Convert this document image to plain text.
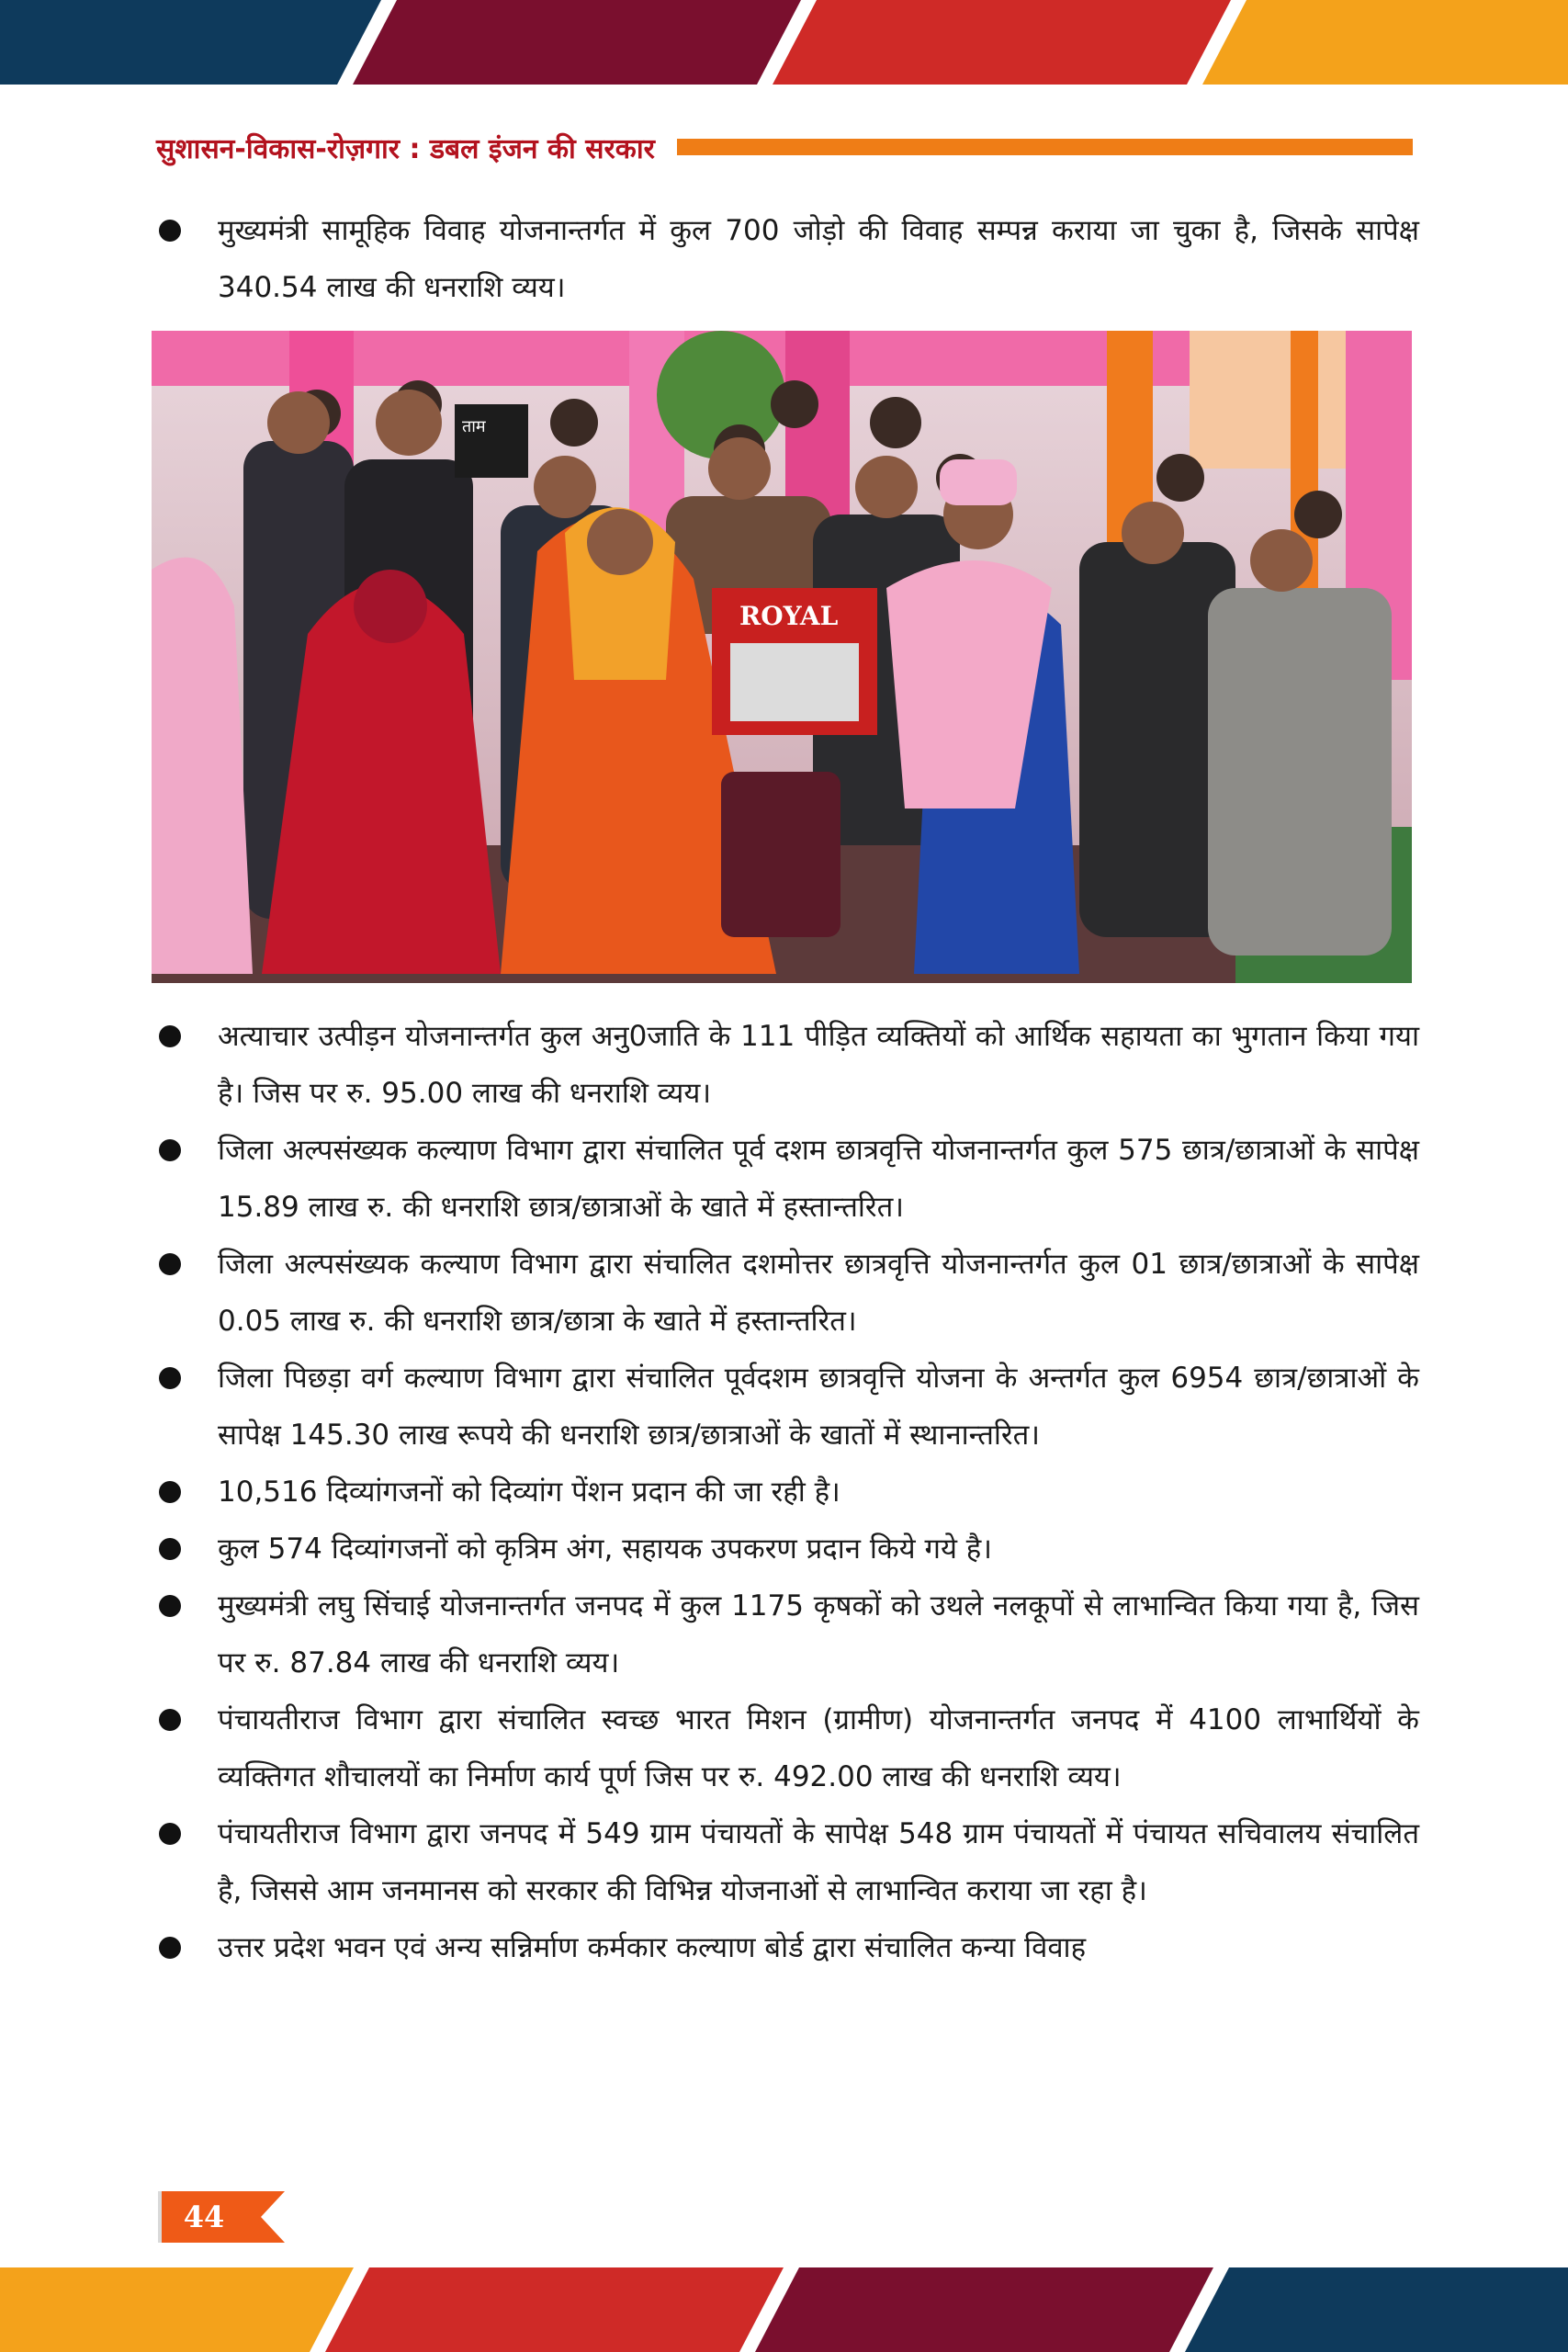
सुशासन-विकास-रोज़गार : डबल इंजन की सरकार
मुख्यमंत्री सामूहिक विवाह योजनान्तर्गत में कुल 700 जोड़ो की विवाह सम्पन्न कराया जा चुका है, जिसके सापेक्ष 340.54 लाख की धनराशि व्यय।
ROYAL
ताम
अत्याचार उत्पीड़न योजनान्तर्गत कुल अनु0जाति के 111 पीड़ित व्यक्तियों को आर्थिक सहायता का भुगतान किया गया है। जिस पर रु. 95.00 लाख की धनराशि व्यय।
जिला अल्पसंख्यक कल्याण विभाग द्वारा संचालित पूर्व दशम छात्रवृत्ति योजनान्तर्गत कुल 575 छात्र/छात्राओं के सापेक्ष 15.89 लाख रु. की धनराशि छात्र/छात्राओं के खाते में हस्तान्तरित।
जिला अल्पसंख्यक कल्याण विभाग द्वारा संचालित दशमोत्तर छात्रवृत्ति योजनान्तर्गत कुल 01 छात्र/छात्राओं के सापेक्ष 0.05 लाख रु. की धनराशि छात्र/छात्रा के खाते में हस्तान्तरित।
जिला पिछड़ा वर्ग कल्याण विभाग द्वारा संचालित पूर्वदशम छात्रवृत्ति योजना के अन्तर्गत कुल 6954 छात्र/छात्राओं के सापेक्ष 145.30 लाख रूपये की धनराशि छात्र/छात्राओं के खातों में स्थानान्तरित।
10,516 दिव्यांगजनों को दिव्यांग पेंशन प्रदान की जा रही है।
कुल 574 दिव्यांगजनों को कृत्रिम अंग, सहायक उपकरण प्रदान किये गये है।
मुख्यमंत्री लघु सिंचाई योजनान्तर्गत जनपद में कुल 1175 कृषकों को उथले नलकूपों से लाभान्वित किया गया है, जिस पर रु. 87.84 लाख की धनराशि व्यय।
पंचायतीराज विभाग द्वारा संचालित स्वच्छ भारत मिशन (ग्रामीण) योजनान्तर्गत जनपद में 4100 लाभार्थियों के व्यक्तिगत शौचालयों का निर्माण कार्य पूर्ण जिस पर रु. 492.00 लाख की धनराशि व्यय।
पंचायतीराज विभाग द्वारा जनपद में 549 ग्राम पंचायतों के सापेक्ष 548 ग्राम पंचायतों में पंचायत सचिवालय संचालित है, जिससे आम जनमानस को सरकार की विभिन्न योजनाओं से लाभान्वित कराया जा रहा है।
उत्तर प्रदेश भवन एवं अन्य सन्निर्माण कर्मकार कल्याण बोर्ड द्वारा संचालित कन्या विवाह
44
